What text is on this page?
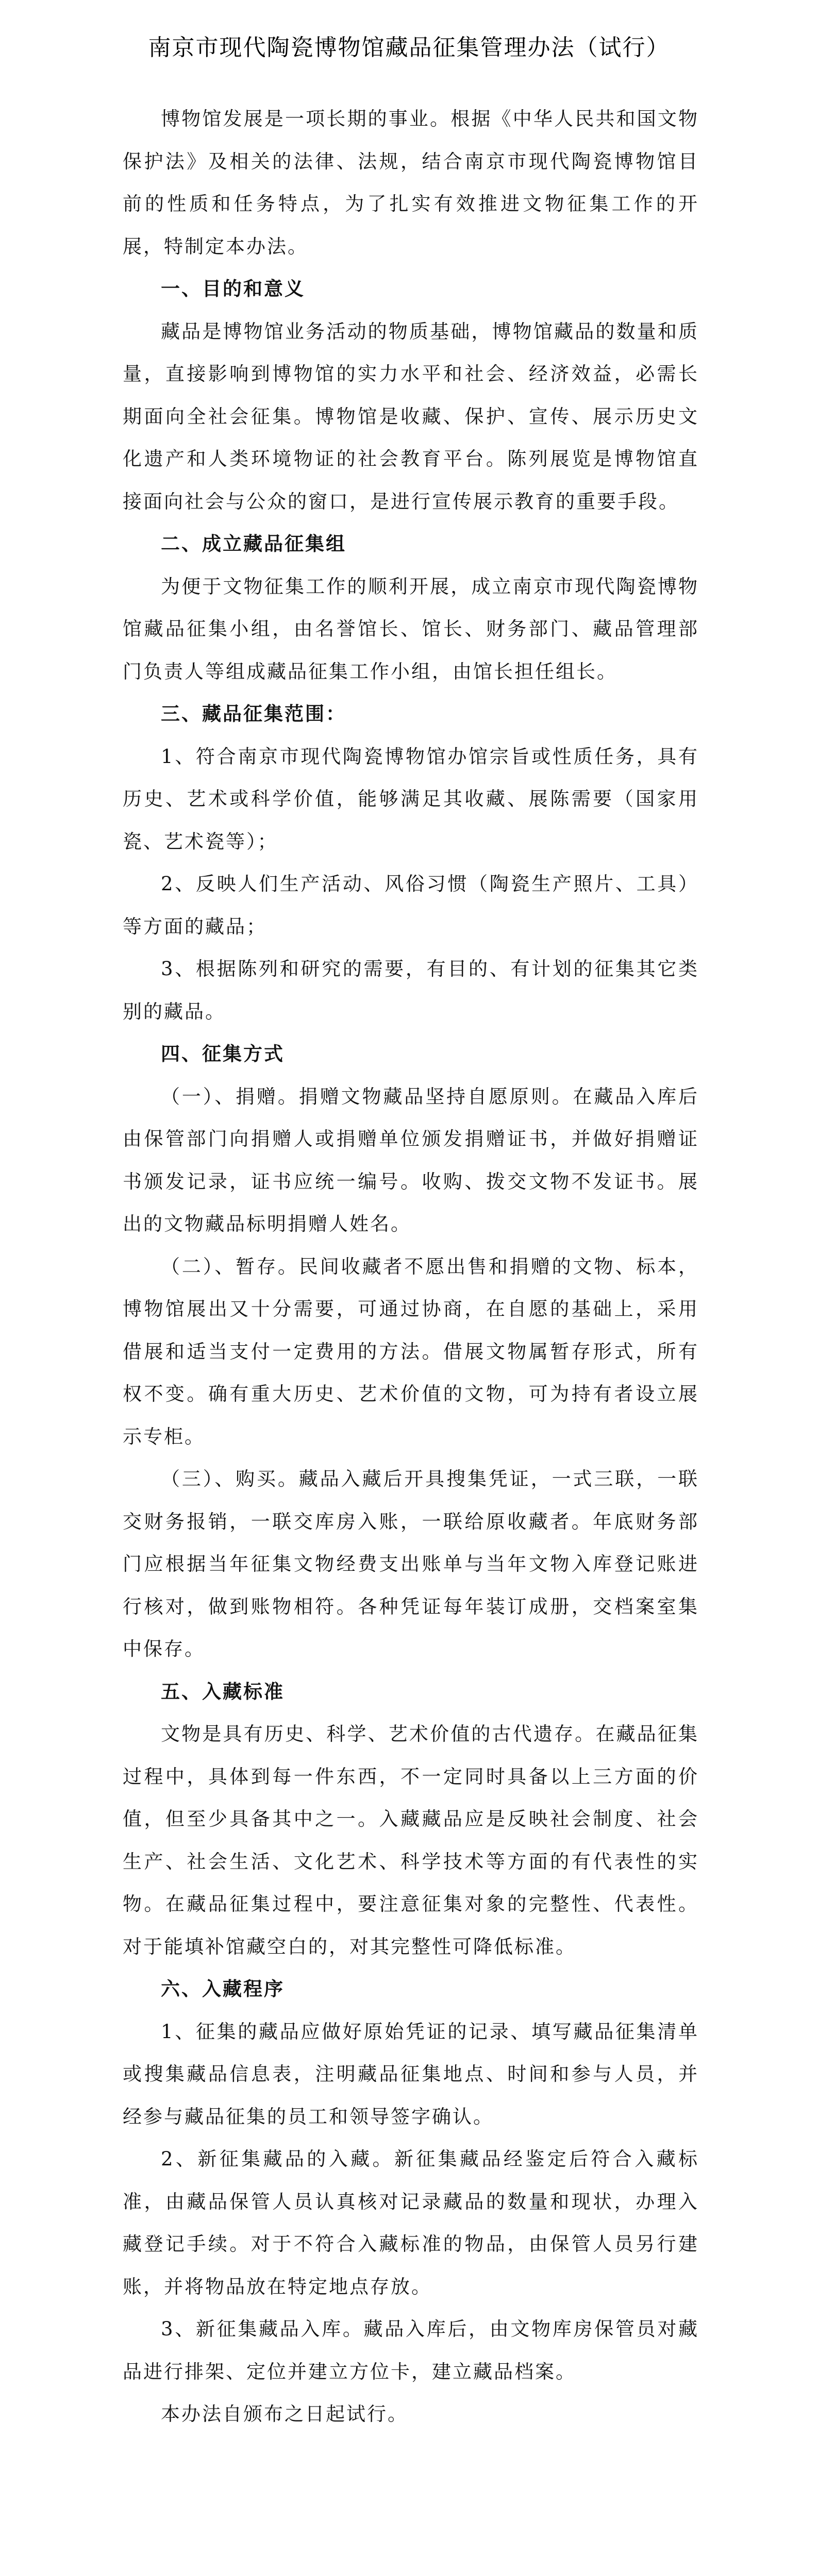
南京市现代陶瓷博物馆藏品征集管理办法（试行）

博物馆发展是一项长期的事业。根据《中华人民共和国文物保护法》及相关的法律、法规，结合南京市现代陶瓷博物馆目前的性质和任务特点，为了扎实有效推进文物征集工作的开展，特制定本办法。

一、目的和意义

藏品是博物馆业务活动的物质基础，博物馆藏品的数量和质量，直接影响到博物馆的实力水平和社会、经济效益，必需长期面向全社会征集。博物馆是收藏、保护、宣传、展示历史文化遗产和人类环境物证的社会教育平台。陈列展览是博物馆直接面向社会与公众的窗口，是进行宣传展示教育的重要手段。

二、成立藏品征集组

为便于文物征集工作的顺利开展，成立南京市现代陶瓷博物馆藏品征集小组，由名誉馆长、馆长、财务部门、藏品管理部门负责人等组成藏品征集工作小组，由馆长担任组长。

三、藏品征集范围：

1、符合南京市现代陶瓷博物馆办馆宗旨或性质任务，具有历史、艺术或科学价值，能够满足其收藏、展陈需要（国家用瓷、艺术瓷等）；

2、反映人们生产活动、风俗习惯（陶瓷生产照片、工具）等方面的藏品；

3、根据陈列和研究的需要，有目的、有计划的征集其它类别的藏品。

四、征集方式

（一）、捐赠。捐赠文物藏品坚持自愿原则。在藏品入库后由保管部门向捐赠人或捐赠单位颁发捐赠证书，并做好捐赠证书颁发记录，证书应统一编号。收购、拨交文物不发证书。展出的文物藏品标明捐赠人姓名。

（二）、暂存。民间收藏者不愿出售和捐赠的文物、标本，博物馆展出又十分需要，可通过协商，在自愿的基础上，采用借展和适当支付一定费用的方法。借展文物属暂存形式，所有权不变。确有重大历史、艺术价值的文物，可为持有者设立展示专柜。

（三）、购买。藏品入藏后开具搜集凭证，一式三联，一联交财务报销，一联交库房入账，一联给原收藏者。年底财务部门应根据当年征集文物经费支出账单与当年文物入库登记账进行核对，做到账物相符。各种凭证每年装订成册，交档案室集中保存。

五、入藏标准

文物是具有历史、科学、艺术价值的古代遗存。在藏品征集过程中，具体到每一件东西，不一定同时具备以上三方面的价值，但至少具备其中之一。入藏藏品应是反映社会制度、社会生产、社会生活、文化艺术、科学技术等方面的有代表性的实物。在藏品征集过程中，要注意征集对象的完整性、代表性。对于能填补馆藏空白的，对其完整性可降低标准。

六、入藏程序

1、征集的藏品应做好原始凭证的记录、填写藏品征集清单或搜集藏品信息表，注明藏品征集地点、时间和参与人员，并经参与藏品征集的员工和领导签字确认。

2、新征集藏品的入藏。新征集藏品经鉴定后符合入藏标准，由藏品保管人员认真核对记录藏品的数量和现状，办理入藏登记手续。对于不符合入藏标准的物品，由保管人员另行建账，并将物品放在特定地点存放。

3、新征集藏品入库。藏品入库后，由文物库房保管员对藏品进行排架、定位并建立方位卡，建立藏品档案。

本办法自颁布之日起试行。
